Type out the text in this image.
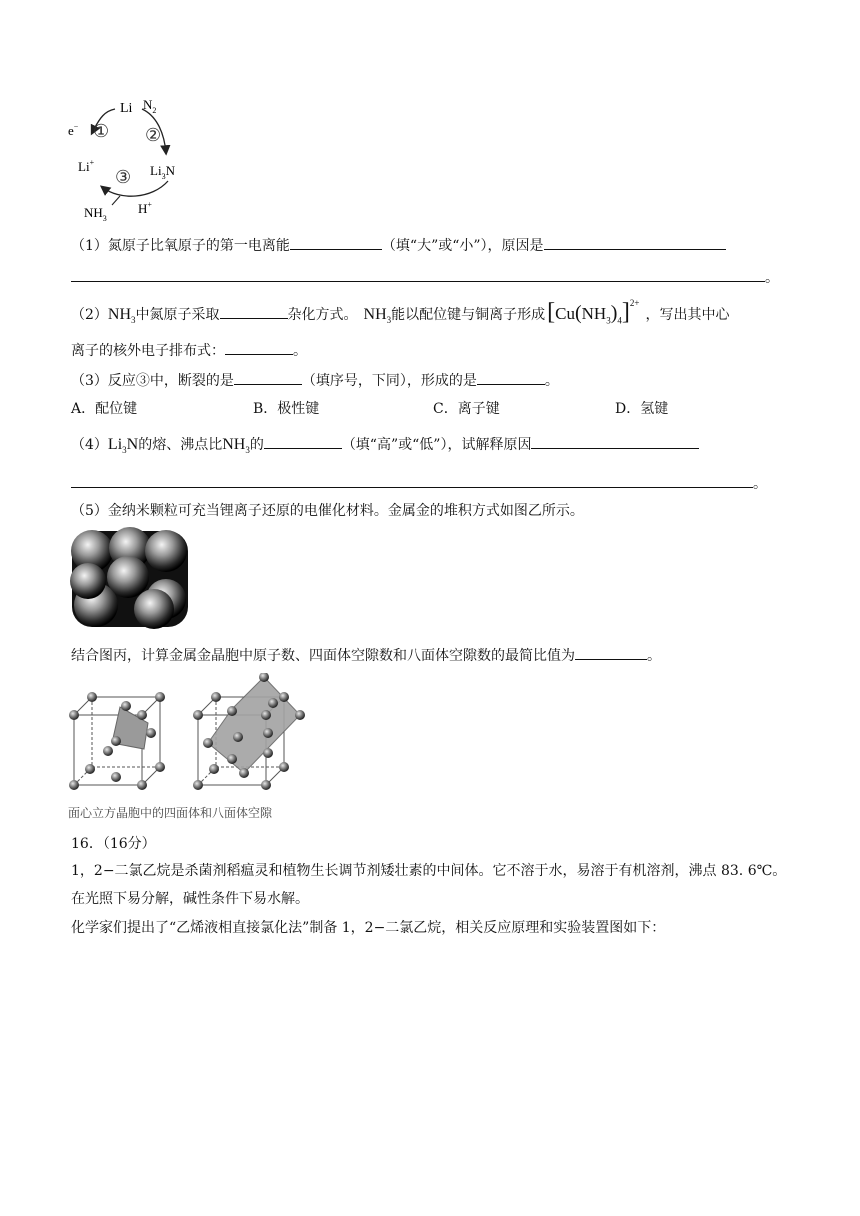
Li $N_2$
e− ① ②
③
Li+
$Li_3N$
$NH_3$
H+
（1）氮原子比氧原子的第一电离能	（填“大”或“小”），原因是
。
$(2)NH_3$中氮原子采取	杂化方式。 $NH_3$能以配位键与铜离子形成$[Cu(NH_3)_4]^{2+}$，写出其中心
离子的核外电子排布式：	。
（3）反应③中，断裂的是	（填序号，下同），形成的是	。
A．配位键	B．极性键	C．离子键	D．氢键
$(4)Li_3N$的熔、沸点比$NH_3$的	（填“高”或“低”），试解释原因
。
（5）金纳米颗粒可充当锂离子还原的电催化材料。金属金的堆积方式如图乙所示。
结合图丙，计算金属金晶胞中原子数、四面体空隙数和八面体空隙数的最简比值为	。
面心立方晶胞中的四面体和八面体空隙
16．（16分）
1，2−二氯乙烷是杀菌剂稻瘟灵和植物生长调节剂矮壮素的中间体。它不溶于水，易溶于有机溶剂，沸点 83. 6℃。
在光照下易分解，碱性条件下易水解。
化学家们提出了“乙烯液相直接氯化法”制备 1，2−二氯乙烷，相关反应原理和实验装置图如下：
